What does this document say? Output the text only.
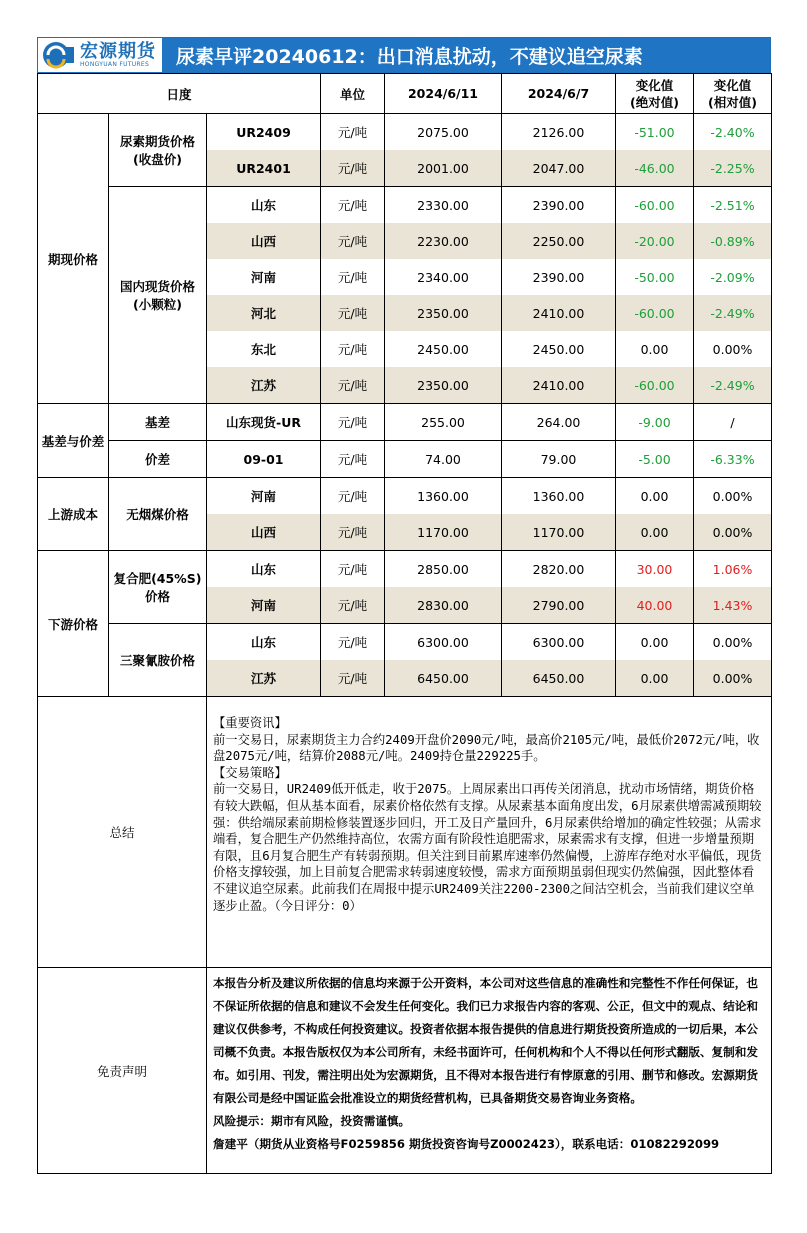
宏源期货
HONGYUAN FUTURES	尿素早评20240612：出口消息扰动，不建议追空尿素
日度			单位	2024/6/11	2024/6/7	变化值
(绝对值)	变化值
(相对值)
期现价格	尿素期货价格
(收盘价)	UR2409	元/吨	2075.00	2126.00	-51.00	-2.40%
		UR2401	元/吨	2001.00	2047.00	-46.00	-2.25%
	国内现货价格
(小颗粒)	山东	元/吨	2330.00	2390.00	-60.00	-2.51%
		山西	元/吨	2230.00	2250.00	-20.00	-0.89%
		河南	元/吨	2340.00	2390.00	-50.00	-2.09%
		河北	元/吨	2350.00	2410.00	-60.00	-2.49%
		东北	元/吨	2450.00	2450.00	0.00	0.00%
		江苏	元/吨	2350.00	2410.00	-60.00	-2.49%
基差与价差	基差	山东现货-UR	元/吨	255.00	264.00	-9.00	/
	价差	09-01	元/吨	74.00	79.00	-5.00	-6.33%
上游成本	无烟煤价格	河南	元/吨	1360.00	1360.00	0.00	0.00%
		山西	元/吨	1170.00	1170.00	0.00	0.00%
下游价格	复合肥(45%S)
价格	山东	元/吨	2850.00	2820.00	30.00	1.06%
		河南	元/吨	2830.00	2790.00	40.00	1.43%
	三聚氰胺价格	山东	元/吨	6300.00	6300.00	0.00	0.00%
		江苏	元/吨	6450.00	6450.00	0.00	0.00%
总结		【重要资讯】
前一交易日，尿素期货主力合约2409开盘价2090元/吨，最高价2105元/吨，最低价2072元/吨，收盘2075元/吨，结算价2088元/吨。2409持仓量229225手。
【交易策略】
前一交易日，UR2409低开低走，收于2075。上周尿素出口再传关闭消息，扰动市场情绪，期货价格有较大跌幅，但从基本面看，尿素价格依然有支撑。从尿素基本面角度出发，6月尿素供增需减预期较强：供给端尿素前期检修装置逐步回归，开工及日产量回升，6月尿素供给增加的确定性较强；从需求端看，复合肥生产仍然维持高位，农需方面有阶段性追肥需求，尿素需求有支撑，但进一步增量预期有限，且6月复合肥生产有转弱预期。但关注到目前累库速率仍然偏慢，上游库存绝对水平偏低，现货价格支撑较强，加上目前复合肥需求转弱速度较慢，需求方面预期虽弱但现实仍然偏强，因此整体看不建议追空尿素。此前我们在周报中提示UR2409关注2200-2300之间沽空机会，当前我们建议空单逐步止盈。（今日评分：0）					

免责声明		本报告分析及建议所依据的信息均来源于公开资料，本公司对这些信息的准确性和完整性不作任何保证，也不保证所依据的信息和建议不会发生任何变化。我们已力求报告内容的客观、公正，但文中的观点、结论和建议仅供参考，不构成任何投资建议。投资者依据本报告提供的信息进行期货投资所造成的一切后果，本公司概不负责。本报告版权仅为本公司所有，未经书面许可，任何机构和个人不得以任何形式翻版、复制和发布。如引用、刊发，需注明出处为宏源期货，且不得对本报告进行有悖原意的引用、删节和修改。宏源期货有限公司是经中国证监会批准设立的期货经营机构，已具备期货交易咨询业务资格。
风险提示：期市有风险，投资需谨慎。
詹建平（期货从业资格号F0259856 期货投资咨询号Z0002423），联系电话：01082292099					
